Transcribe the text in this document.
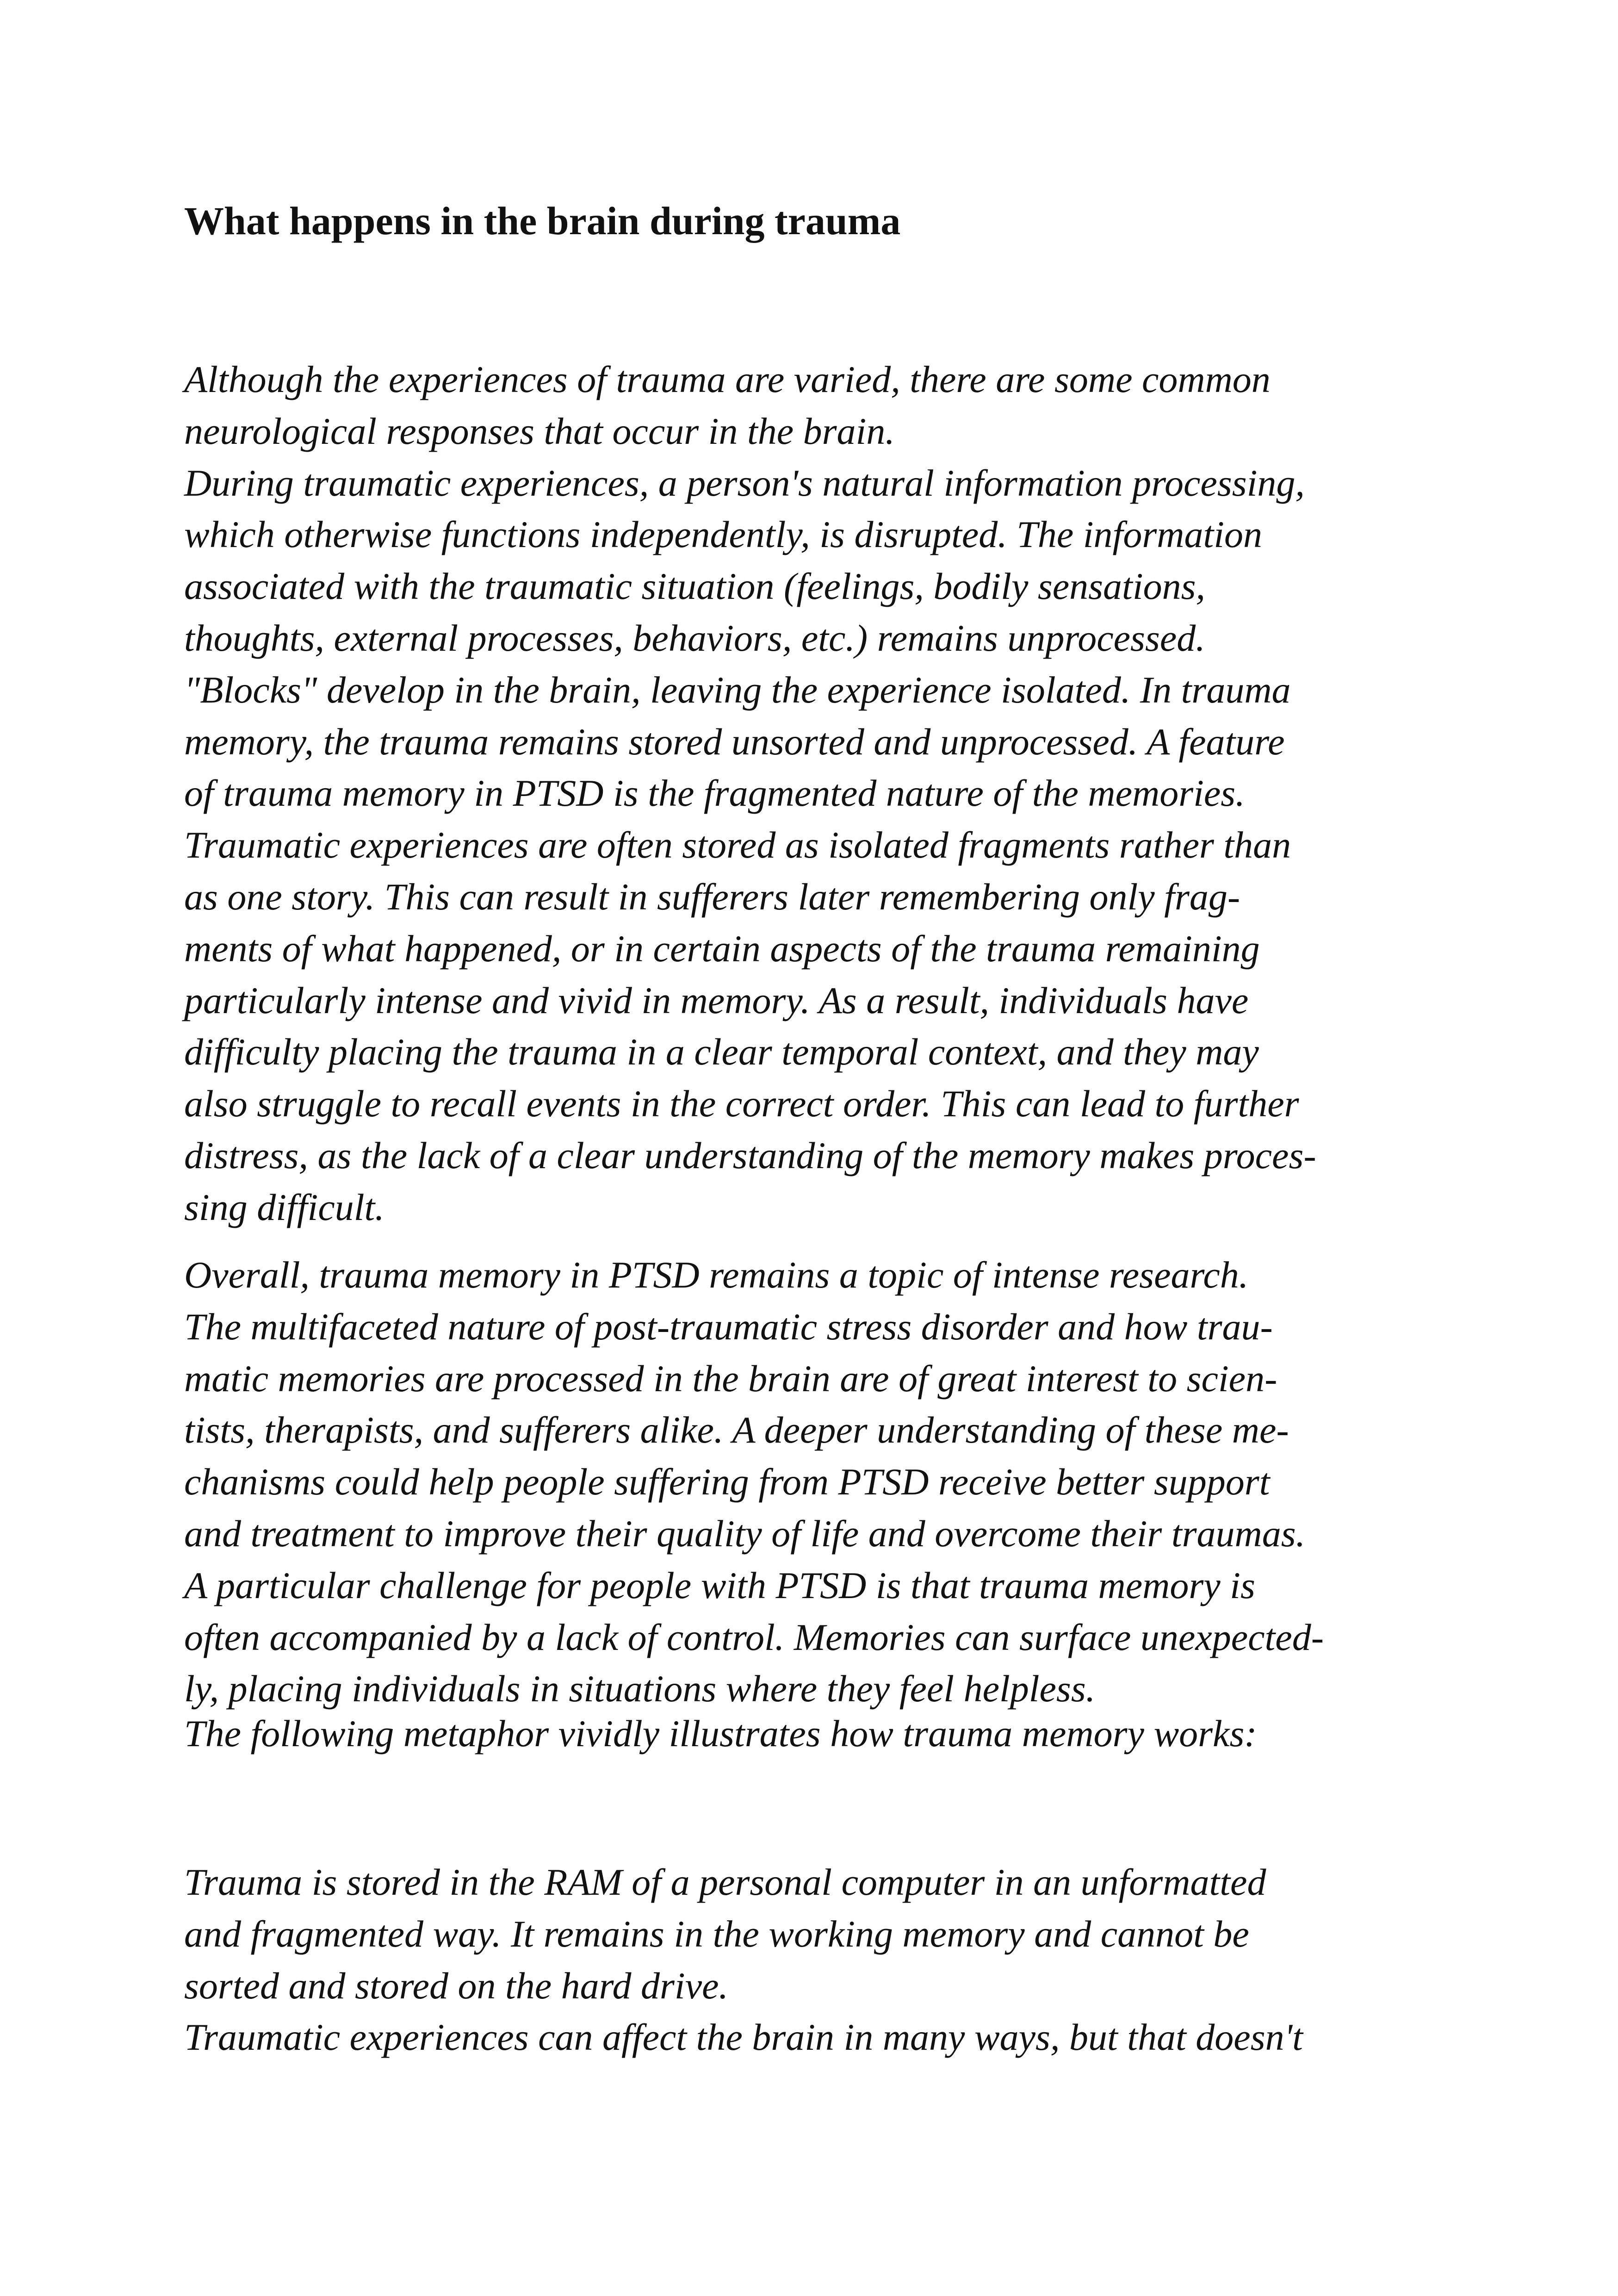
What happens in the brain during trauma

Although the experiences of trauma are varied, there are some common
neurological responses that occur in the brain.
During traumatic experiences, a person's natural information processing,
which otherwise functions independently, is disrupted. The information
associated with the traumatic situation (feelings, bodily sensations,
thoughts, external processes, behaviors, etc.) remains unprocessed.
"Blocks" develop in the brain, leaving the experience isolated. In trauma
memory, the trauma remains stored unsorted and unprocessed. A feature
of trauma memory in PTSD is the fragmented nature of the memories.
Traumatic experiences are often stored as isolated fragments rather than
as one story. This can result in sufferers later remembering only frag-
ments of what happened, or in certain aspects of the trauma remaining
particularly intense and vivid in memory. As a result, individuals have
difficulty placing the trauma in a clear temporal context, and they may
also struggle to recall events in the correct order. This can lead to further
distress, as the lack of a clear understanding of the memory makes proces-
sing difficult.

Overall, trauma memory in PTSD remains a topic of intense research.
The multifaceted nature of post-traumatic stress disorder and how trau-
matic memories are processed in the brain are of great interest to scien-
tists, therapists, and sufferers alike. A deeper understanding of these me-
chanisms could help people suffering from PTSD receive better support
and treatment to improve their quality of life and overcome their traumas.
A particular challenge for people with PTSD is that trauma memory is
often accompanied by a lack of control. Memories can surface unexpected-
ly, placing individuals in situations where they feel helpless.

The following metaphor vividly illustrates how trauma memory works:

Trauma is stored in the RAM of a personal computer in an unformatted
and fragmented way. It remains in the working memory and cannot be
sorted and stored on the hard drive.
Traumatic experiences can affect the brain in many ways, but that doesn't
